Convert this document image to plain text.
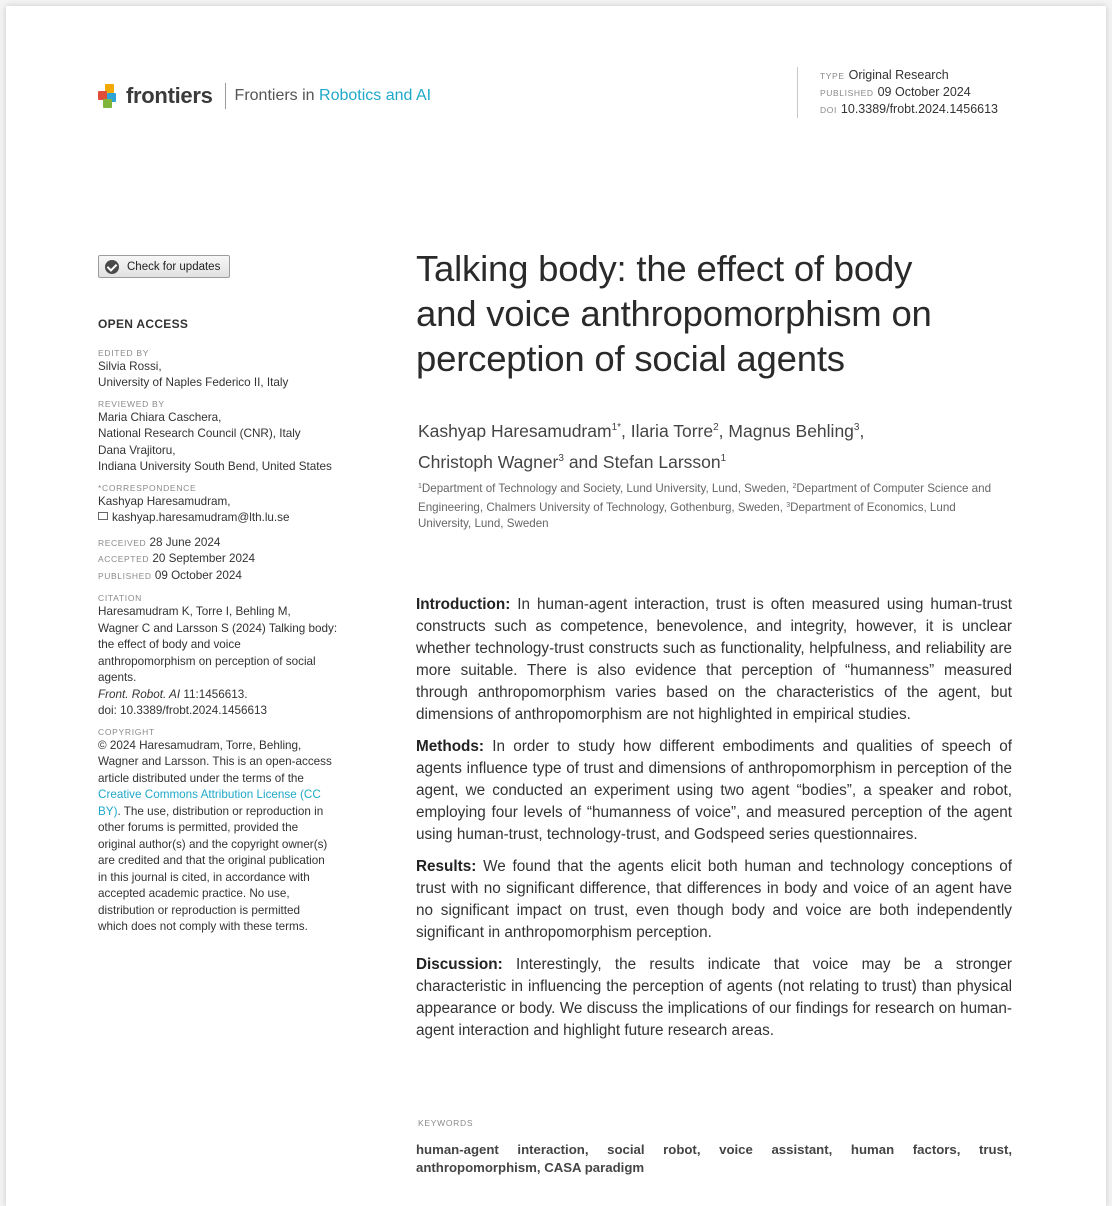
frontiers Frontiers in Robotics and AI
TYPE Original Research
PUBLISHED 09 October 2024
DOI 10.3389/frobt.2024.1456613
Check for updates
OPEN ACCESS
EDITED BY
Silvia Rossi,
University of Naples Federico II, Italy
REVIEWED BY
Maria Chiara Caschera,
National Research Council (CNR), Italy
Dana Vrajitoru,
Indiana University South Bend, United States
*CORRESPONDENCE
Kashyap Haresamudram,
kashyap.haresamudram@lth.lu.se
RECEIVED 28 June 2024
ACCEPTED 20 September 2024
PUBLISHED 09 October 2024
CITATION
Haresamudram K, Torre I, Behling M,
Wagner C and Larsson S (2024) Talking body:
the effect of body and voice
anthropomorphism on perception of social
agents.
Front. Robot. AI 11:1456613.
doi: 10.3389/frobt.2024.1456613
COPYRIGHT
© 2024 Haresamudram, Torre, Behling,
Wagner and Larsson. This is an open-access
article distributed under the terms of the
Creative Commons Attribution License (CC
BY). The use, distribution or reproduction in
other forums is permitted, provided the
original author(s) and the copyright owner(s)
are credited and that the original publication
in this journal is cited, in accordance with
accepted academic practice. No use,
distribution or reproduction is permitted
which does not comply with these terms.
Talking body: the effect of body
and voice anthropomorphism on
perception of social agents
Kashyap Haresamudram$^{1*}$, Ilaria Torre$^2$, Magnus Behling$^3$,
Christoph Wagner$^3$ and Stefan Larsson$^1$
$^1$Department of Technology and Society, Lund University, Lund, Sweden, $^2$Department of Computer Science and Engineering, Chalmers University of Technology, Gothenburg, Sweden, $^3$Department of Economics, Lund University, Lund, Sweden

Introduction: In human-agent interaction, trust is often measured using human-trust constructs such as competence, benevolence, and integrity, however, it is unclear whether technology-trust constructs such as functionality, helpfulness, and reliability are more suitable. There is also evidence that perception of “humanness” measured through anthropomorphism varies based on the characteristics of the agent, but dimensions of anthropomorphism are not highlighted in empirical studies.

Methods: In order to study how different embodiments and qualities of speech of agents influence type of trust and dimensions of anthropomorphism in perception of the agent, we conducted an experiment using two agent “bodies”, a speaker and robot, employing four levels of “humanness of voice”, and measured perception of the agent using human-trust, technology-trust, and Godspeed series questionnaires.

Results: We found that the agents elicit both human and technology conceptions of trust with no significant difference, that differences in body and voice of an agent have no significant impact on trust, even though body and voice are both independently significant in anthropomorphism perception.

Discussion: Interestingly, the results indicate that voice may be a stronger characteristic in influencing the perception of agents (not relating to trust) than physical appearance or body. We discuss the implications of our findings for research on human-agent interaction and highlight future research areas.

KEYWORDS
human-agent interaction, social robot, voice assistant, human factors, trust, anthropomorphism, CASA paradigm
